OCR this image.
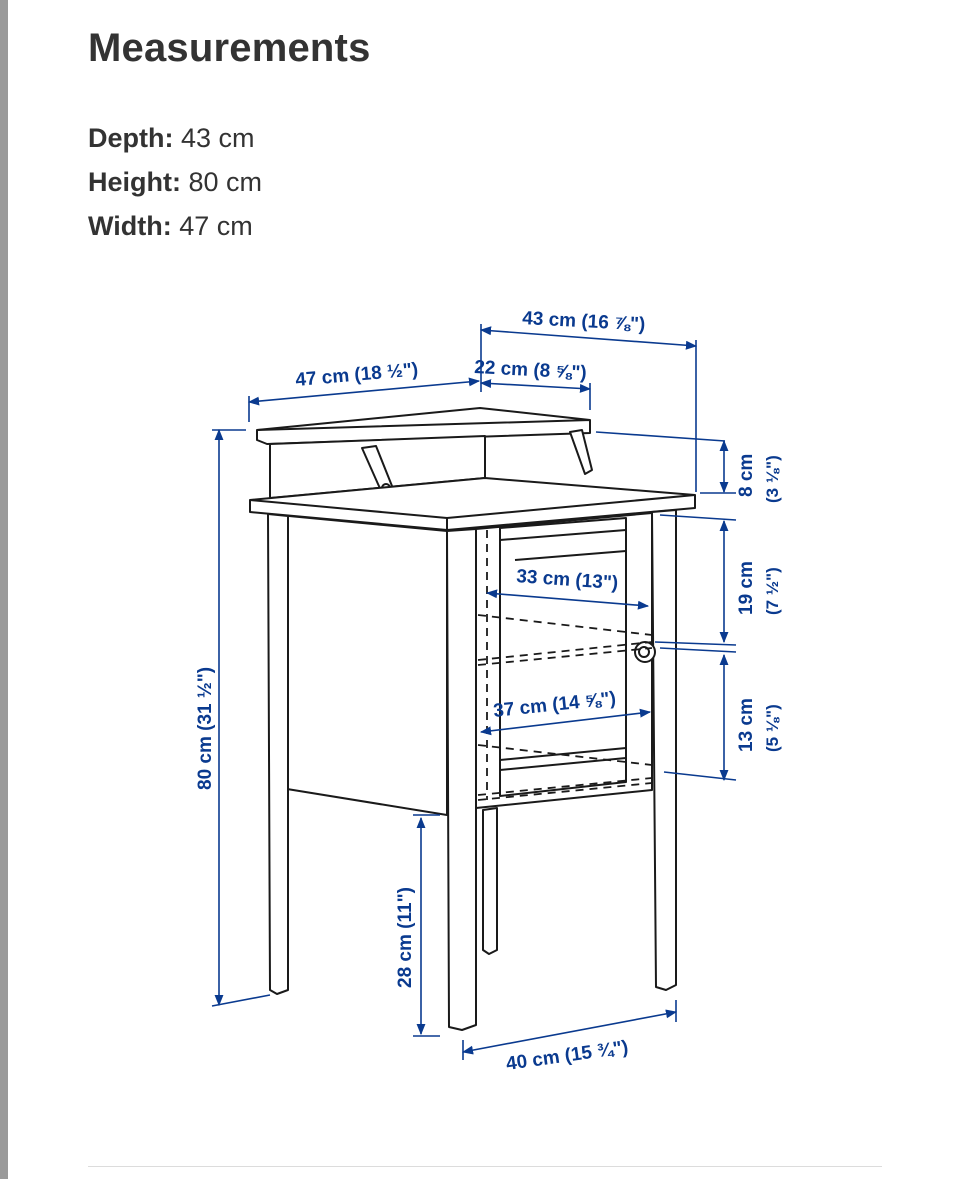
Measurements
Depth: 43 cm
Height: 80 cm
Width: 47 cm
43 cm (16 ⅞")
22 cm (8 ⅝")
47 cm (18 ½")
8 cm (3 ⅛")
19 cm (7 ½")
13 cm (5 ⅛")
80 cm (31 ½")
33 cm (13")
37 cm (14 ⅝")
28 cm (11")
40 cm (15 ¾")
